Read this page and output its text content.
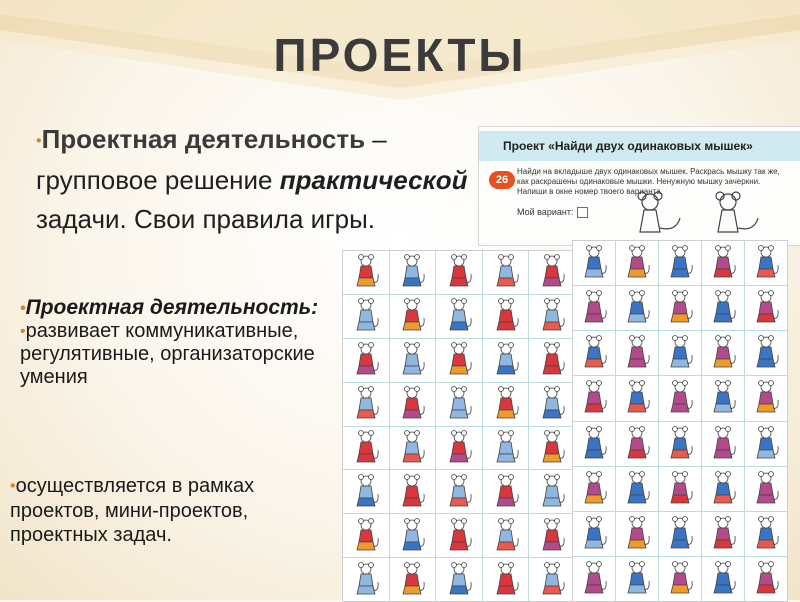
ПРОЕКТЫ
•Проектная деятельность – групповое решение практической задачи. Свои правила игры.
Проект «Найди двух одинаковых мышек»
26
Найди на вкладыше двух одинаковых мышек. Раскрась мышку так же, как раскрашены одинаковые мышки. Ненужную мышку зачеркни. Напиши в окне номер твоего варианта.
Мой вариант:
•Проектная деятельность:
•развивает коммуникативные, регулятивные, организаторские умения
•осуществляется в рамках проектов, мини-проектов, проектных задач.
